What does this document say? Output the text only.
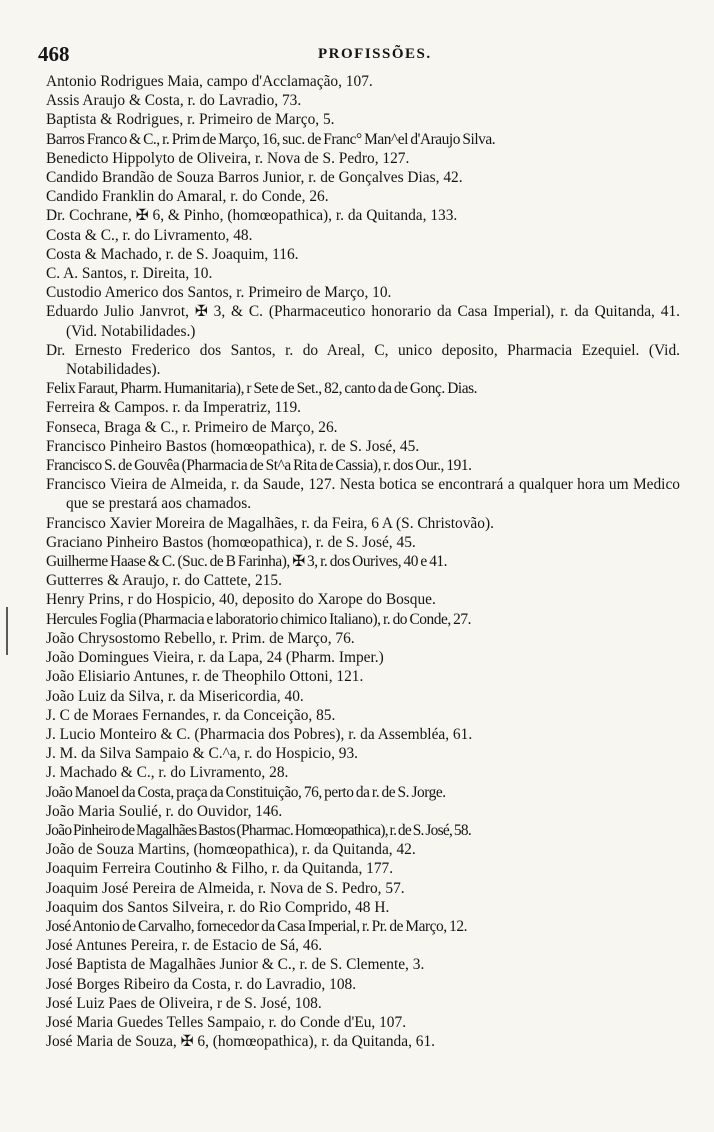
468	PROFISSÕES.
Antonio Rodrigues Maia, campo d'Acclamação, 107.
Assis Araujo & Costa, r. do Lavradio, 73.
Baptista & Rodrigues, r. Primeiro de Março, 5.
Barros Franco & C., r. Prim de Março, 16, suc. de Franc° Man^el d'Araujo Silva.
Benedicto Hippolyto de Oliveira, r. Nova de S. Pedro, 127.
Candido Brandão de Souza Barros Junior, r. de Gonçalves Dias, 42.
Candido Franklin do Amaral, r. do Conde, 26.
Dr. Cochrane, ✠ 6, & Pinho, (homœopathica), r. da Quitanda, 133.
Costa & C., r. do Livramento, 48.
Costa & Machado, r. de S. Joaquim, 116.
C. A. Santos, r. Direita, 10.
Custodio Americo dos Santos, r. Primeiro de Março, 10.
Eduardo Julio Janvrot, ✠ 3, & C. (Pharmaceutico honorario da Casa Imperial), r. da Quitanda, 41. (Vid. Notabilidades.)
Dr. Ernesto Frederico dos Santos, r. do Areal, C, unico deposito, Pharmacia Ezequiel. (Vid. Notabilidades).
Felix Faraut, Pharm. Humanitaria), r Sete de Set., 82, canto da de Gonç. Dias.
Ferreira & Campos. r. da Imperatriz, 119.
Fonseca, Braga & C., r. Primeiro de Março, 26.
Francisco Pinheiro Bastos (homœopathica), r. de S. José, 45.
Francisco S. de Gouvêa (Pharmacia de St^a Rita de Cassia), r. dos Our., 191.
Francisco Vieira de Almeida, r. da Saude, 127. Nesta botica se encontrará a qualquer hora um Medico que se prestará aos chamados.
Francisco Xavier Moreira de Magalhães, r. da Feira, 6 A (S. Christovão).
Graciano Pinheiro Bastos (homœopathica), r. de S. José, 45.
Guilherme Haase & C. (Suc. de B Farinha), ✠ 3, r. dos Ourives, 40 e 41.
Gutterres & Araujo, r. do Cattete, 215.
Henry Prins, r do Hospicio, 40, deposito do Xarope do Bosque.
Hercules Foglia (Pharmacia e laboratorio chimico Italiano), r. do Conde, 27.
João Chrysostomo Rebello, r. Prim. de Março, 76.
João Domingues Vieira, r. da Lapa, 24 (Pharm. Imper.)
João Elisiario Antunes, r. de Theophilo Ottoni, 121.
João Luiz da Silva, r. da Misericordia, 40.
J. C de Moraes Fernandes, r. da Conceição, 85.
J. Lucio Monteiro & C. (Pharmacia dos Pobres), r. da Assembléa, 61.
J. M. da Silva Sampaio & C.^a, r. do Hospicio, 93.
J. Machado & C., r. do Livramento, 28.
João Manoel da Costa, praça da Constituição, 76, perto da r. de S. Jorge.
João Maria Soulié, r. do Ouvidor, 146.
João Pinheiro de Magalhães Bastos (Pharmac. Homœopathica), r. de S. José, 58.
João de Souza Martins, (homœopathica), r. da Quitanda, 42.
Joaquim Ferreira Coutinho & Filho, r. da Quitanda, 177.
Joaquim José Pereira de Almeida, r. Nova de S. Pedro, 57.
Joaquim dos Santos Silveira, r. do Rio Comprido, 48 H.
José Antonio de Carvalho, fornecedor da Casa Imperial, r. Pr. de Março, 12.
José Antunes Pereira, r. de Estacio de Sá, 46.
José Baptista de Magalhães Junior & C., r. de S. Clemente, 3.
José Borges Ribeiro da Costa, r. do Lavradio, 108.
José Luiz Paes de Oliveira, r de S. José, 108.
José Maria Guedes Telles Sampaio, r. do Conde d'Eu, 107.
José Maria de Souza, ✠ 6, (homœopathica), r. da Quitanda, 61.
